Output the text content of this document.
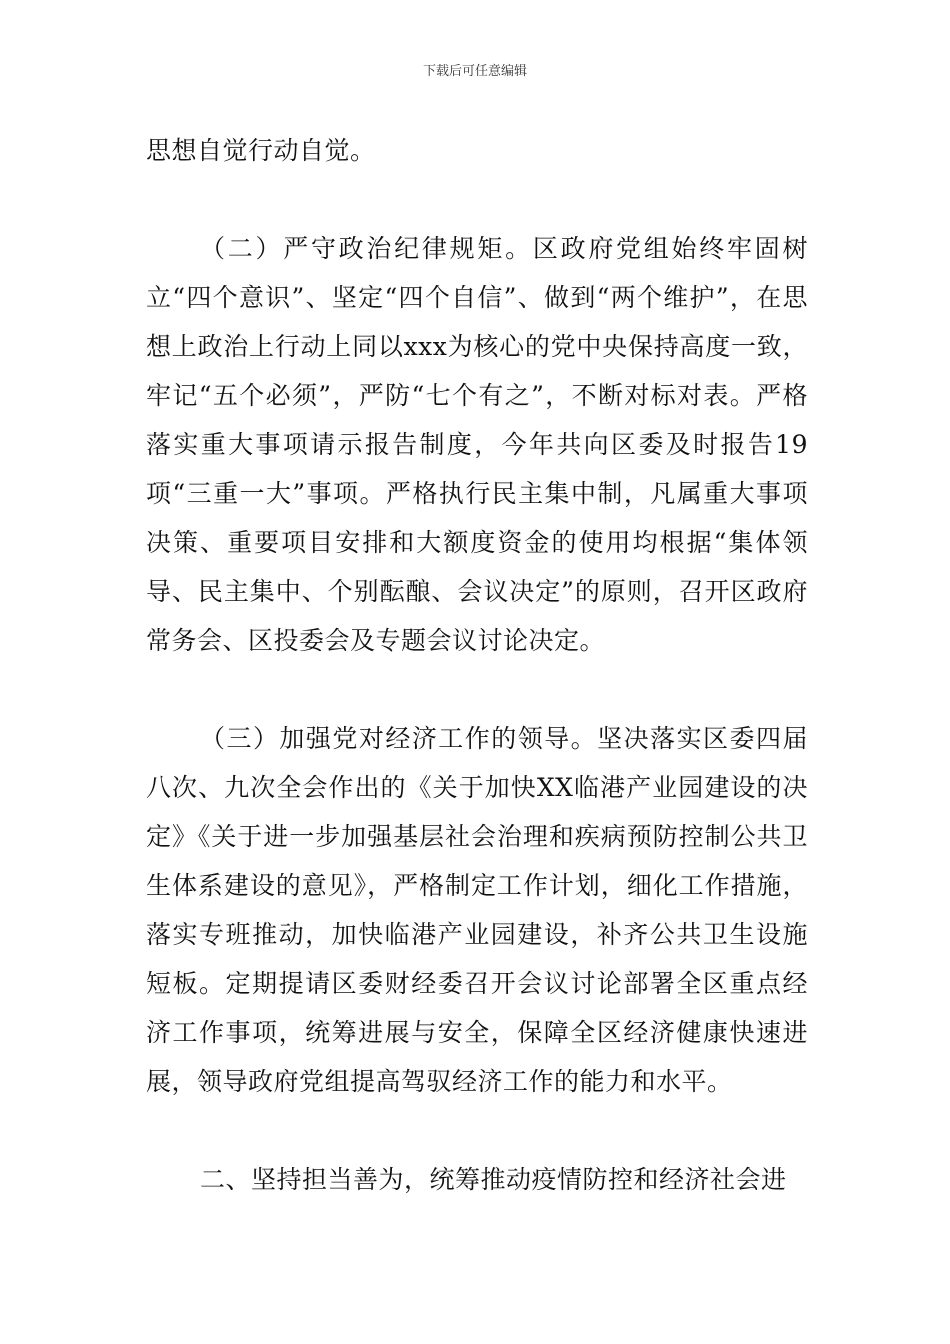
下载后可任意编辑

思想自觉行动自觉。

（二）严守政治纪律规矩。区政府党组始终牢固树立“四个意识”、坚定“四个自信”、做到“两个维护”，在思想上政治上行动上同以xxx为核心的党中央保持高度一致，牢记“五个必须”，严防“七个有之”，不断对标对表。严格落实重大事项请示报告制度，今年共向区委及时报告19项“三重一大”事项。严格执行民主集中制，凡属重大事项决策、重要项目安排和大额度资金的使用均根据“集体领导、民主集中、个别酝酿、会议决定”的原则，召开区政府常务会、区投委会及专题会议讨论决定。

（三）加强党对经济工作的领导。坚决落实区委四届八次、九次全会作出的《关于加快XX临港产业园建设的决定》《关于进一步加强基层社会治理和疾病预防控制公共卫生体系建设的意见》，严格制定工作计划，细化工作措施，落实专班推动，加快临港产业园建设，补齐公共卫生设施短板。定期提请区委财经委召开会议讨论部署全区重点经济工作事项，统筹进展与安全，保障全区经济健康快速进展，领导政府党组提高驾驭经济工作的能力和水平。

二、坚持担当善为，统筹推动疫情防控和经济社会进
